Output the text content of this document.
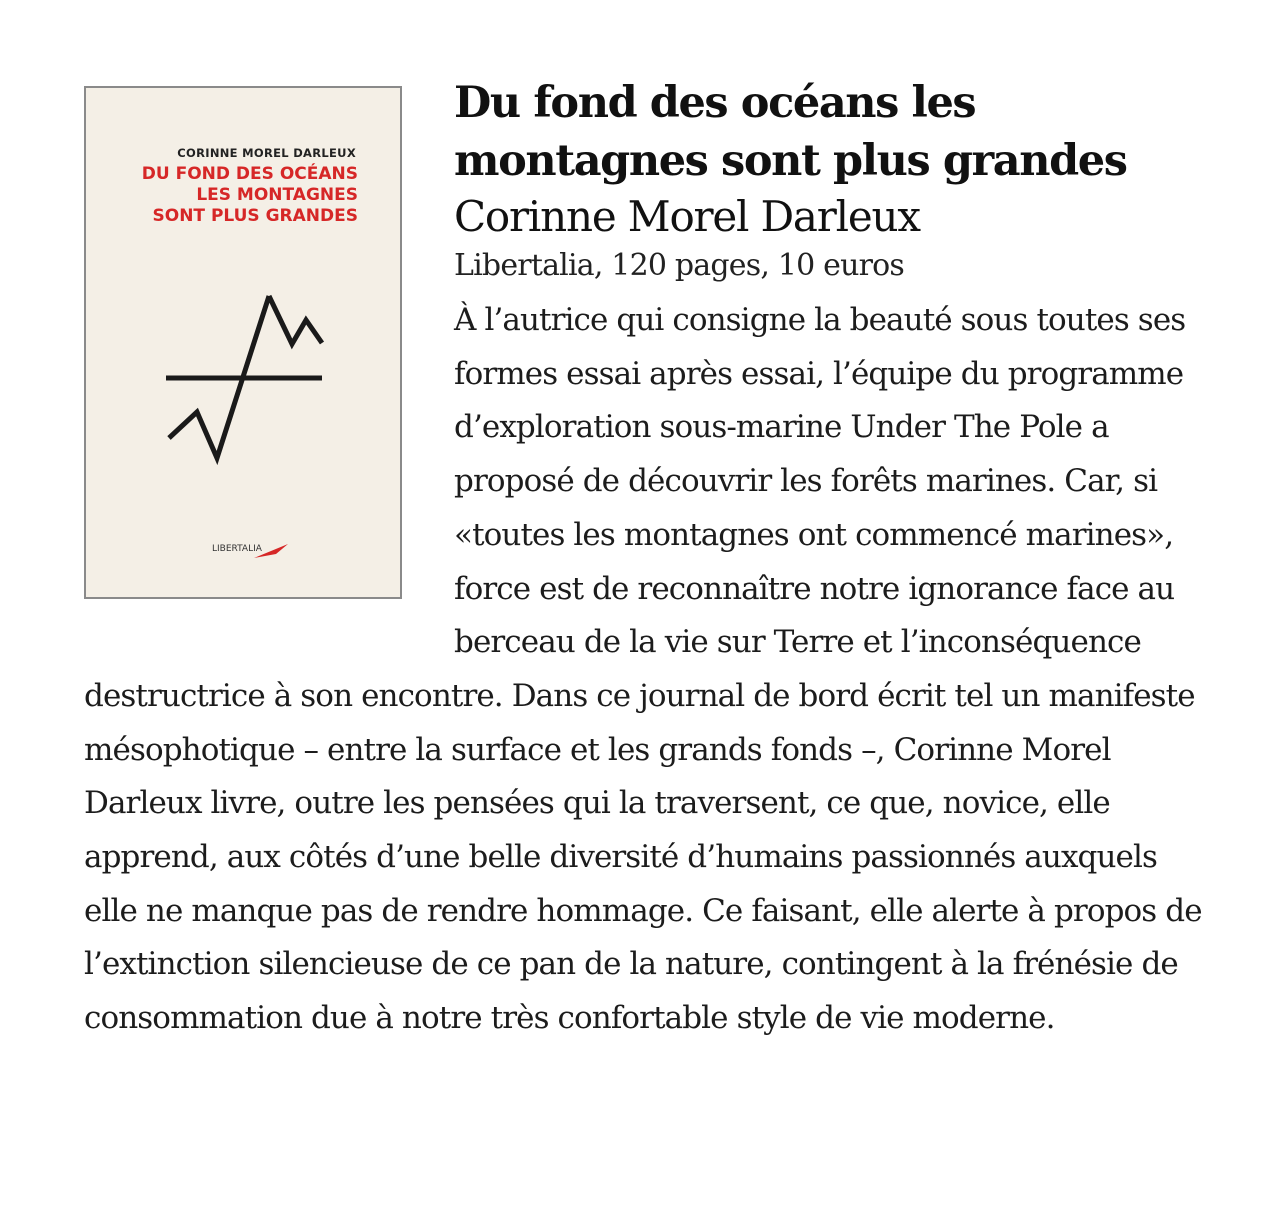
CORINNE MOREL DARLEUX
DU FOND DES OCÉANS
LES MONTAGNES
SONT PLUS GRANDES
LIBERTALIA
Du fond des océans les montagnes sont plus grandes
Corinne Morel Darleux
Libertalia, 120 pages, 10 euros

À l’autrice qui consigne la beauté sous toutes ses formes essai après essai, l’équipe du programme d’exploration sous-marine Under The Pole a proposé de découvrir les forêts marines. Car, si «toutes les montagnes ont commencé marines», force est de reconnaître notre ignorance face au berceau de la vie sur Terre et l’inconséquence destructrice à son encontre. Dans ce journal de bord écrit tel un manifeste mésophotique – entre la surface et les grands fonds –, Corinne Morel Darleux livre, outre les pensées qui la traversent, ce que, novice, elle apprend, aux côtés d’une belle diversité d’humains passionnés auxquels elle ne manque pas de rendre hommage. Ce faisant, elle alerte à propos de l’extinction silencieuse de ce pan de la nature, contingent à la frénésie de consommation due à notre très confortable style de vie moderne.
